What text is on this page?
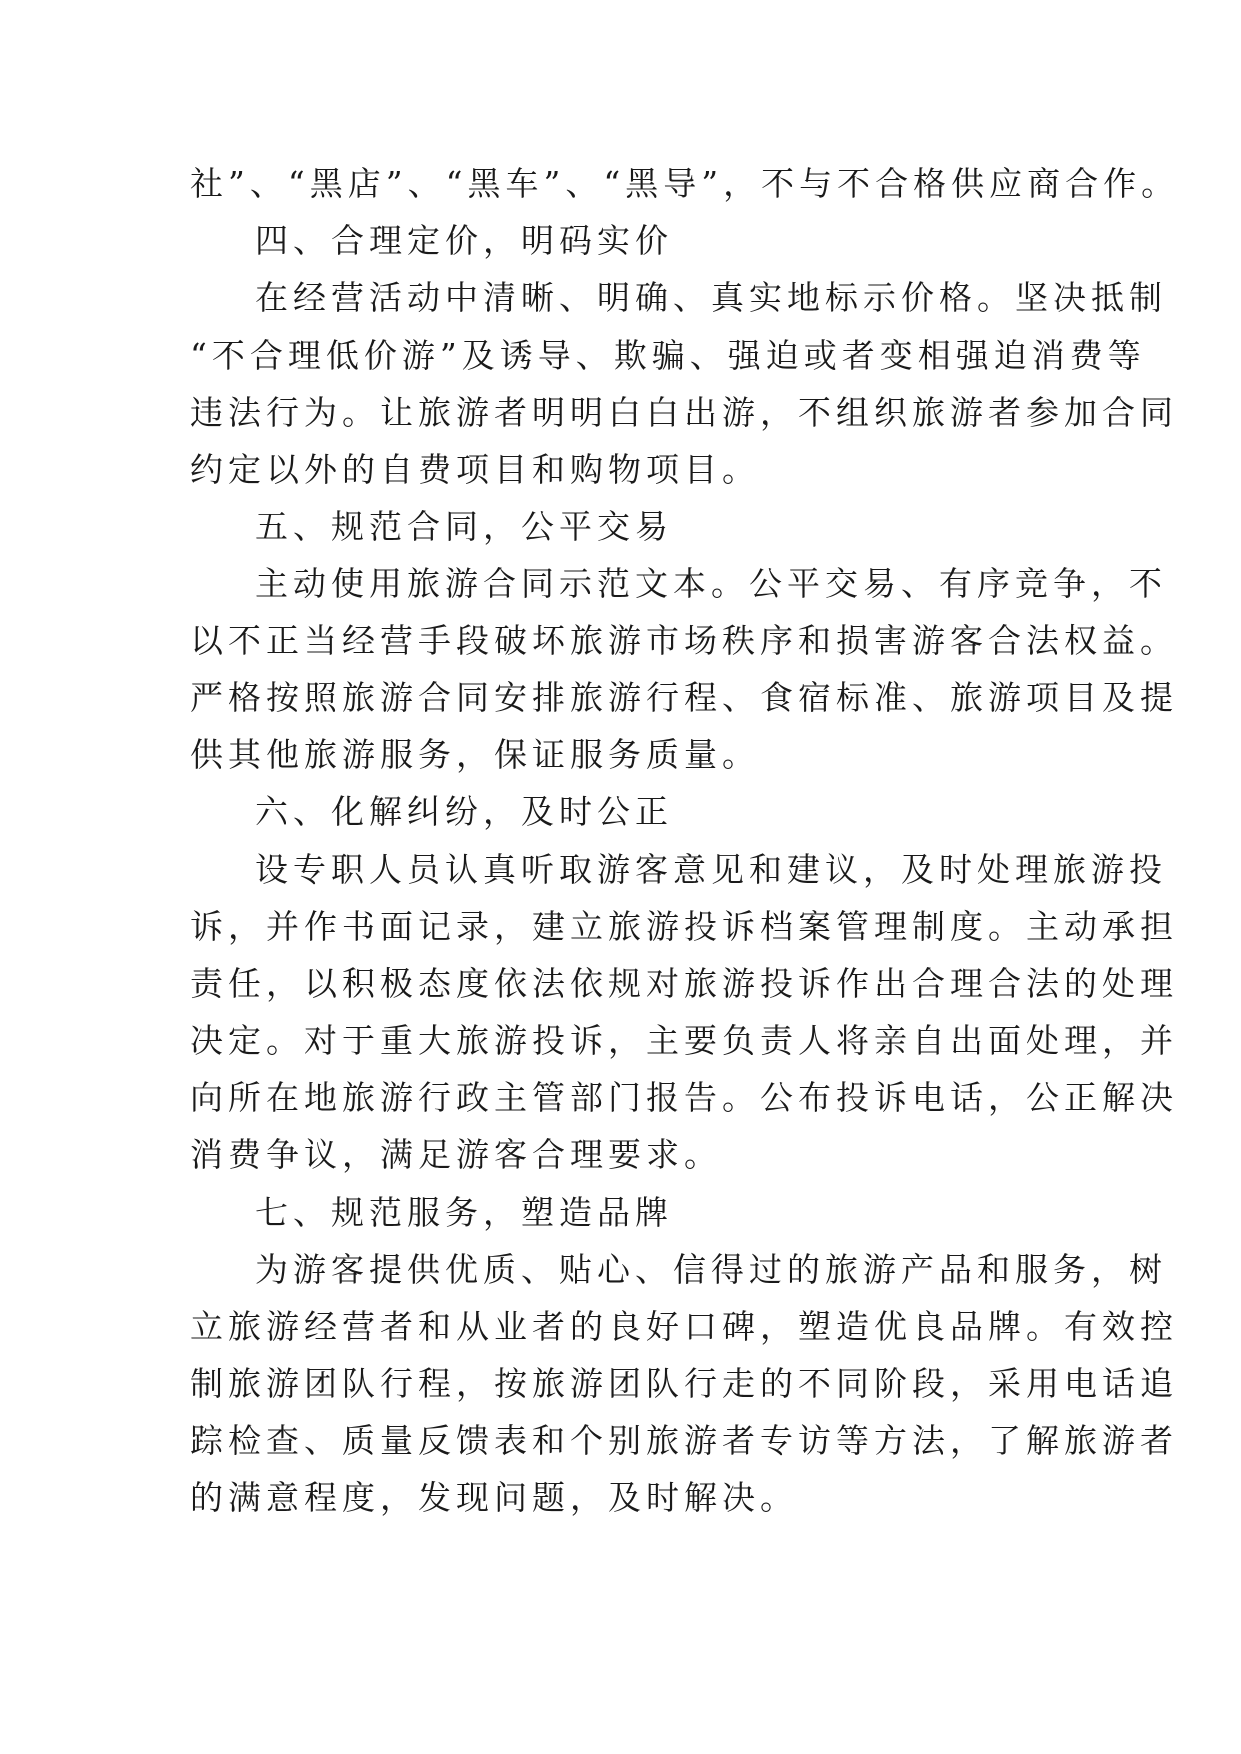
社”、“黑店”、“黑车”、“黑导”，不与不合格供应商合作。
四、合理定价，明码实价
在经营活动中清晰、明确、真实地标示价格。坚决抵制
“不合理低价游”及诱导、欺骗、强迫或者变相强迫消费等
违法行为。让旅游者明明白白出游，不组织旅游者参加合同
约定以外的自费项目和购物项目。
五、规范合同，公平交易
主动使用旅游合同示范文本。公平交易、有序竞争，不
以不正当经营手段破坏旅游市场秩序和损害游客合法权益。
严格按照旅游合同安排旅游行程、食宿标准、旅游项目及提
供其他旅游服务，保证服务质量。
六、化解纠纷，及时公正
设专职人员认真听取游客意见和建议，及时处理旅游投
诉，并作书面记录，建立旅游投诉档案管理制度。主动承担
责任，以积极态度依法依规对旅游投诉作出合理合法的处理
决定。对于重大旅游投诉，主要负责人将亲自出面处理，并
向所在地旅游行政主管部门报告。公布投诉电话，公正解决
消费争议，满足游客合理要求。
七、规范服务，塑造品牌
为游客提供优质、贴心、信得过的旅游产品和服务，树
立旅游经营者和从业者的良好口碑，塑造优良品牌。有效控
制旅游团队行程，按旅游团队行走的不同阶段，采用电话追
踪检查、质量反馈表和个别旅游者专访等方法，了解旅游者
的满意程度，发现问题，及时解决。
